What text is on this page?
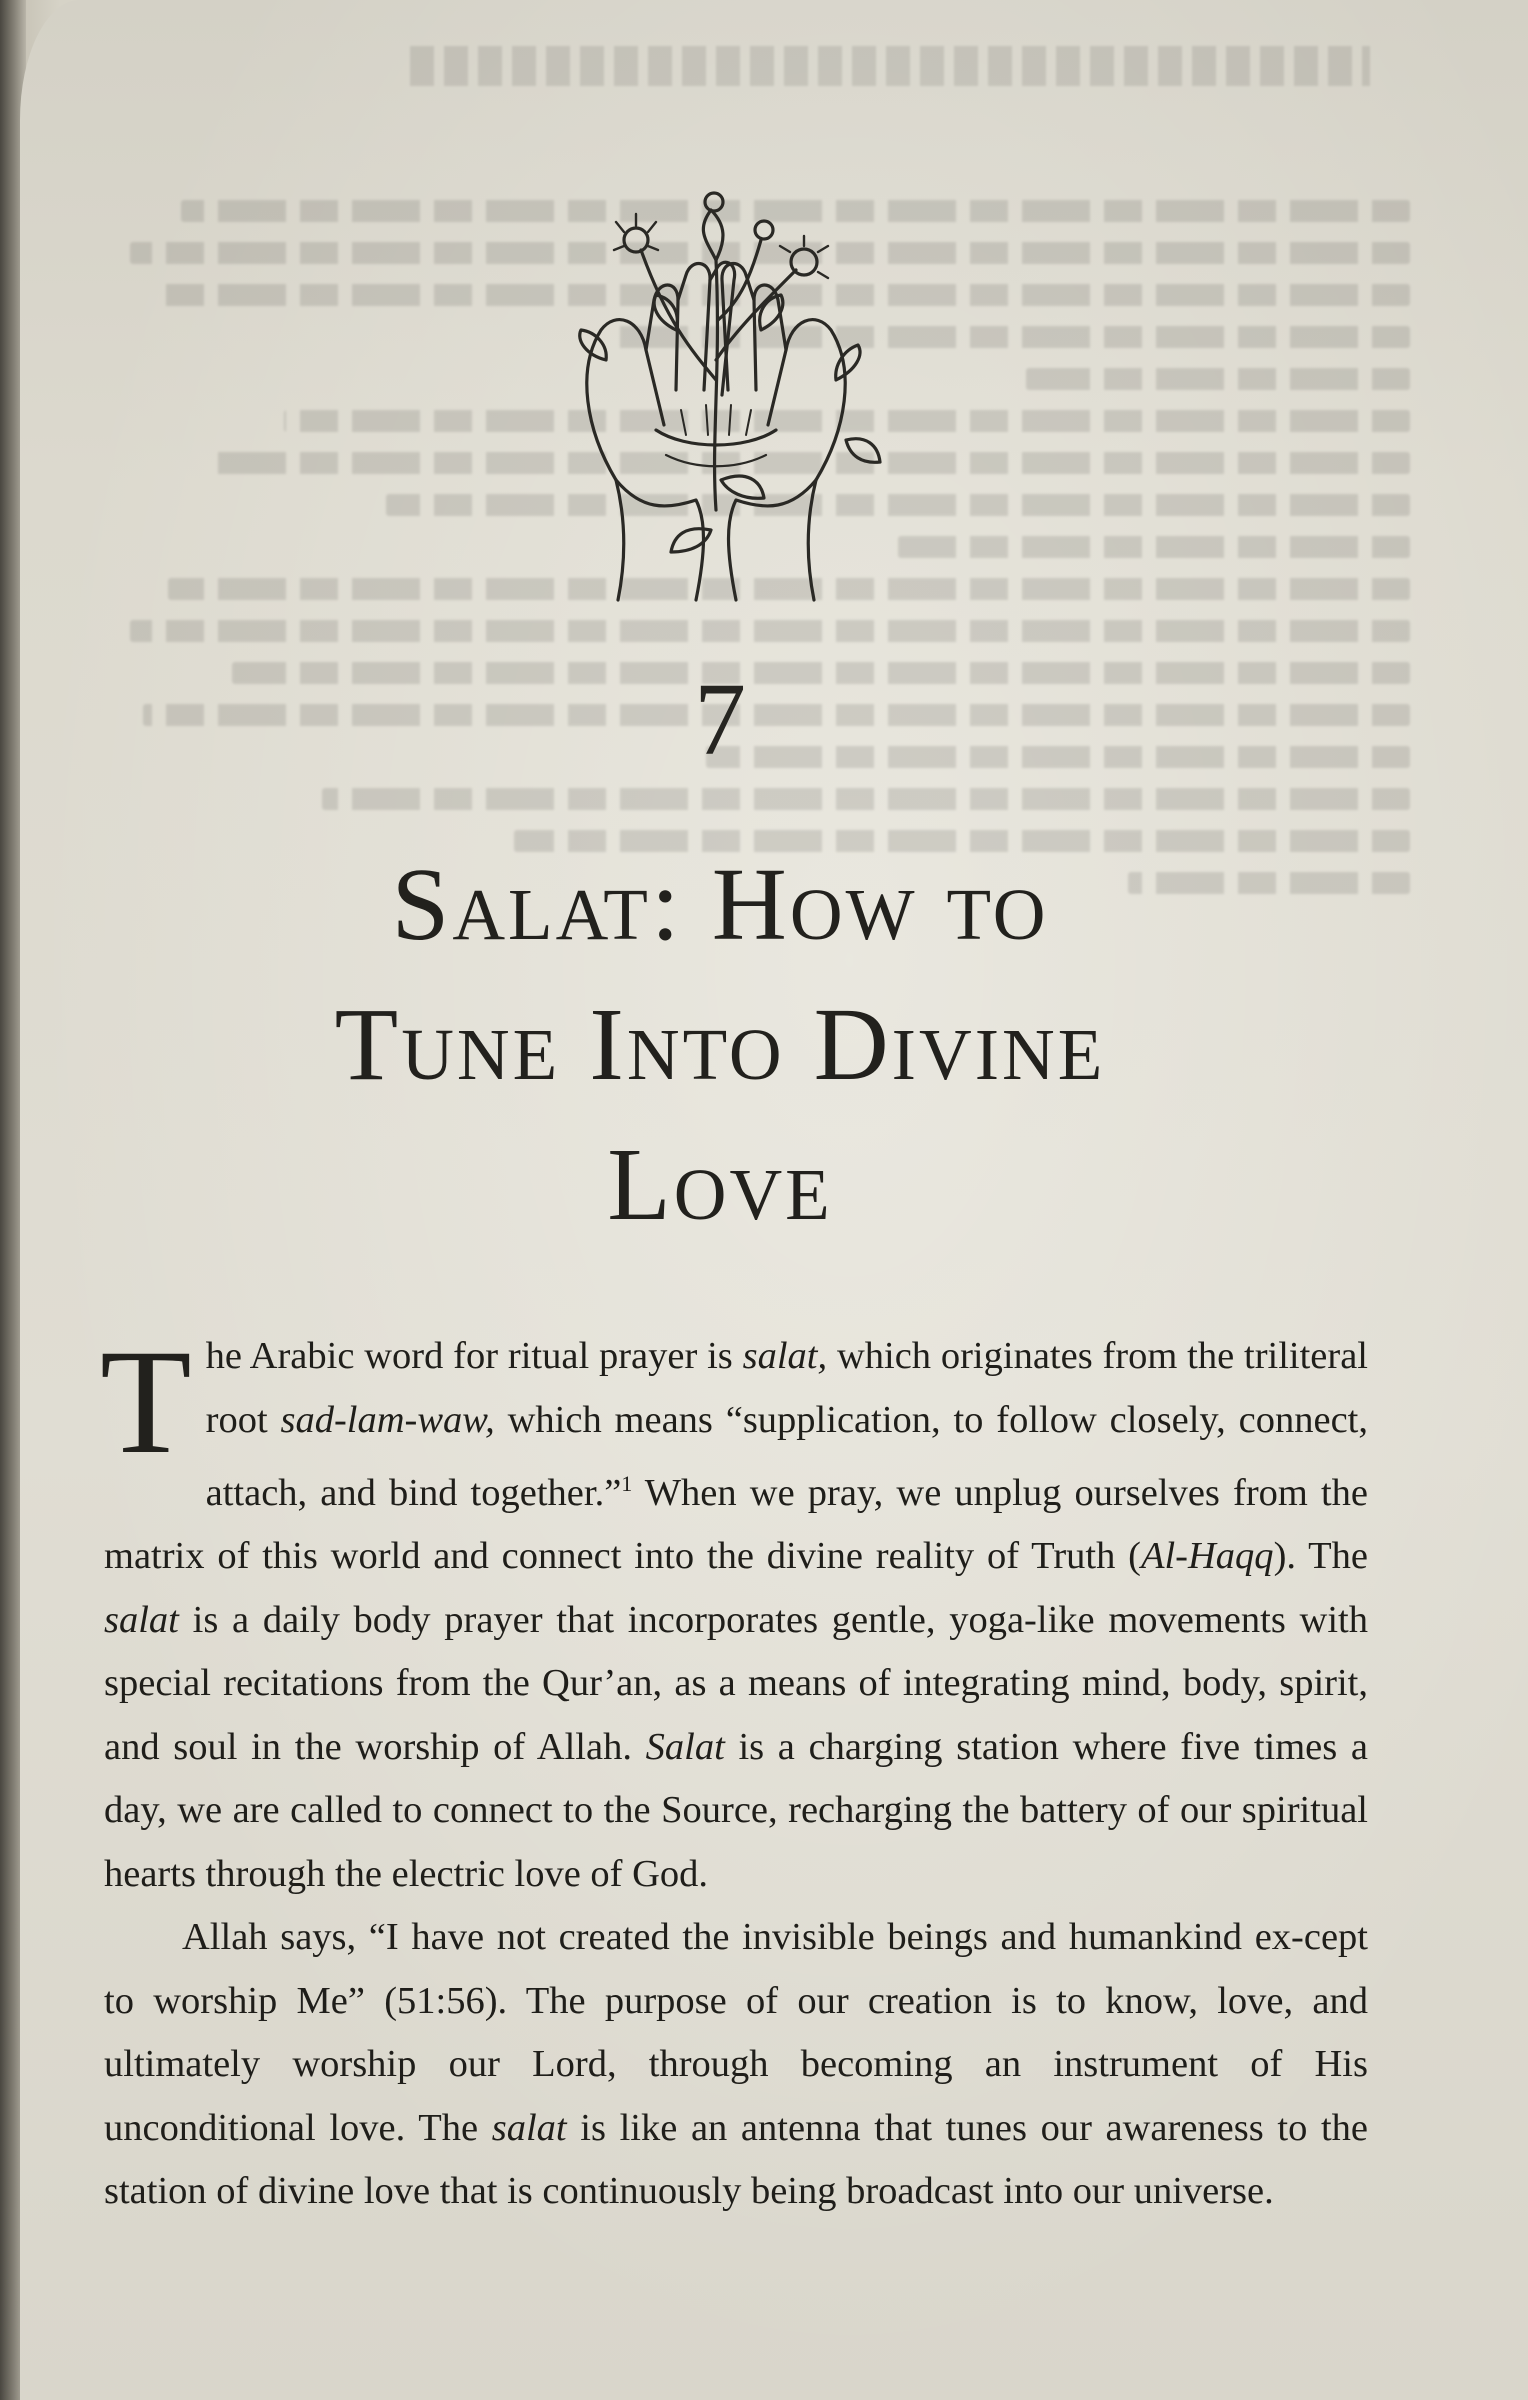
7
Salat: How to
Tune Into Divine
Love

The Arabic word for ritual prayer is salat, which originates from the triliteral root sad-lam-waw, which means “supplication, to follow closely, connect, attach, and bind together.”$^1$ When we pray, we unplug ourselves from the matrix of this world and connect into the divine reality of Truth (Al-Haqq). The salat is a daily body prayer that incorporates gentle, yoga-like movements with special recitations from the Qur’an, as a means of integrating mind, body, spirit, and soul in the worship of Allah. Salat is a charging station where five times a day, we are called to connect to the Source, recharging the battery of our spiritual hearts through the electric love of God.

Allah says, “I have not created the invisible beings and humankind ex-cept to worship Me” (51:56). The purpose of our creation is to know, love, and ultimately worship our Lord, through becoming an instrument of His unconditional love. The salat is like an antenna that tunes our awareness to the station of divine love that is continuously being broadcast into our universe.
